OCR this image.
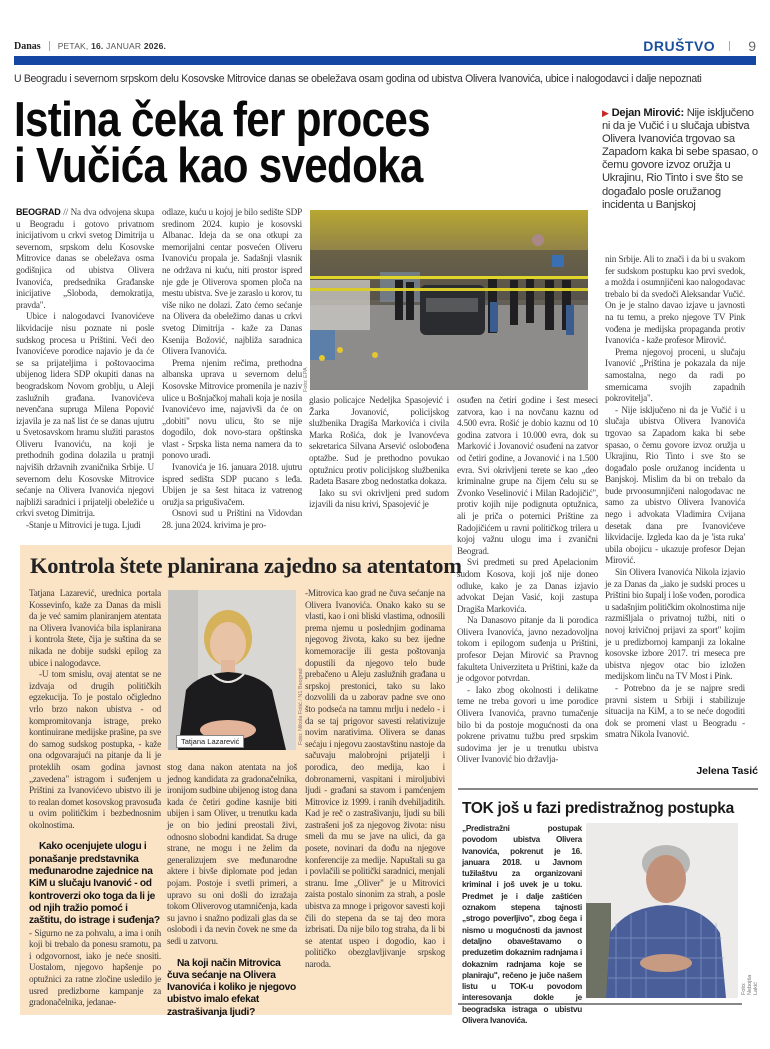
Danas PETAK, 16. JANUAR 2026.	DRUŠTVO 9
U Beogradu i severnom srpskom delu Kosovske Mitrovice danas se obeležava osam godina od ubistva Olivera Ivanovića, ubice i nalogodavci i dalje nepoznati
Istina čeka fer proces
i Vučića kao svedoka
▶ Dejan Mirović: Nije isključeno ni da je Vučić i u slučaja ubistva Olivera Ivanovića trgovao sa Zapadom kaka bi sebe spasao, o čemu govore izvoz oružja u Ukrajinu, Rio Tinto i sve što se događalo posle oružanog incidenta u Banjskoj

BEOGRAD // Na dva odvojena skupa u Beogradu i gotovo privatnom inicijativom u crkvi svetog Dimitrija u severnom, srpskom delu Kosovske Mitrovice danas se obeležava osma godišnjica od ubistva Olivera Ivanovića, predsednika Građanske inicijative „Sloboda, demokratija, pravda".

Ubice i nalogodavci Ivanovićeve likvidacije nisu poznate ni posle sudskog procesa u Prištini. Veći deo Ivanovićeve porodice najavio je da će se sa prijateljima i poštovaocima ubijenog lidera SDP okupiti danas na beogradskom Novom groblju, u Aleji zaslužnih građana. Ivanovićeva nevenčana supruga Milena Popović izjavila je za naš list će se danas ujutru u Svetosavskom hramu služiti parastos Oliveru Ivanoviću, na koji je prethodnih godina dolazila u pratnji najviših državnih zvaničnika Srbije. U severnom delu Kosovske Mitrovice sećanje na Olivera Ivanovića njegovi najbliži saradnici i prijatelji obeležiće u crkvi svetog Dimitrija.

-Stanje u Mitrovici je tuga. Ljudi

odlaze, kuću u kojoj je bilo sedište SDP sredinom 2024. kupio je kosovski Albanac. Ideja da se ona otkupi za memorijalni centar posvećen Oliveru Ivanoviću propala je. Sadašnji vlasnik ne održava ni kuću, niti prostor ispred nje gde je Oliverova spomen ploča na mestu ubistva. Sve je zaraslo u korov, tu više niko ne dolazi. Zato ćemo sećanje na Olivera da obeležimo danas u crkvi svetog Dimitrija - kaže za Danas Ksenija Božović, najbliža saradnica Olivera Ivanovića.

Prema njenim rečima, prethodna albanska uprava u severnom delu Kosovske Mitrovice promenila je naziv ulice u Bošnjačkoj mahali koja je nosila Ivanovićevo ime, najavivši da će on „dobiti" novu ulicu, što se nije dogodilo, dok novo-stara opštinska vlast - Srpska lista nema namera da to ponovo uradi.

Ivanovića je 16. januara 2018. ujutru ispred sedišta SDP pucano s leđa. Ubijen je sa šest hitaca iz vatrenog oružja sa prigušivačem.

Osnovi sud u Prištini na Vidovdan 28. juna 2024. krivima je pro-

Foto: EPA

glasio policajce Nedeljka Spasojević i Žarka Jovanović, policijskog službenika Dragiša Markovića i civila Marka Rošića, dok je Ivanovćeva sekretarica Silvana Arsević oslobođena optažbe. Sud je prethodno povukao optužnicu protiv policijskog službenika Radeta Basare zbog nedostatka dokaza.

Iako su svi okrivljeni pred sudom izjavili da nisu krivi, Spasojević je

osuđen na četiri godine i šest meseci zatvora, kao i na novčanu kaznu od 4.500 evra. Rošić je dobio kaznu od 10 godina zatvora i 10.000 evra, dok su Marković i Jovanović osuđeni na zatvor od četiri godine, a Jovanović i na 1.500 evra. Svi okrivljeni terete se kao „deo kriminalne grupe na čijem čelu su se Zvonko Veselinović i Milan Radojičić", protiv kojih nije podignuta optužnica, ali je priča o poternici Prištine za Radojičićem u ravni političkog trilera u kojoj važnu ulogu ima i zvanični Beograd.

Svi predmeti su pred Apelacionim sudom Kosova, koji još nije doneo odluke, kako je za Danas izjavio advokat Dejan Vasić, koji zastupa Dragiša Markovića.

Na Danasovo pitanje da li porodica Olivera Ivanovića, javno nezadovoljna tokom i epilogom suđenja u Prištini, profesor Dejan Mirović sa Pravnog fakulteta Univerziteta u Prištini, kaže da je odgovor potvrdan.

- Iako zbog okolnosti i delikatne teme ne treba govori u ime porodice Olivera Ivanovića, pravno tumačenje bilo bi da postoje mogućnosti da ona pokrene privatnu tužbu pred srpskim sudovima jer je u trenutku ubistva Oliver Ivanović bio državlja-

nin Srbije. Ali to znači i da bi u svakom fer sudskom postupku kao prvi svedok, a možda i osumnjičeni kao nalogodavac trebalo bi da svedoči Aleksandar Vučić. On je je stalno davao izjave u javnosti na tu temu, a preko njegove TV Pink vođena je medijska propaganda protiv Ivanovića - kaže profesor Mirović.

Prema njegovoj proceni, u slučaju Ivanović „Priština je pokazala da nije samostalna, nego da radi po smernicama svojih zapadnih pokrovitelja".

- Nije isključeno ni da je Vučić i u slučaja ubistva Olivera Ivanovića trgovao sa Zapadom kaka bi sebe spasao, o čemu govore izvoz oružja u Ukrajinu, Rio Tinto i sve što se događalo posle oružanog incidenta u Banjskoj. Mislim da bi on trebalo da bude prvoosumnjičeni nalogodavac ne samo za ubistvo Olivera Ivanovića nego i advokata Vladimira Cvijana desetak dana pre Ivanovićeve likvidacije. Izgleda kao da je 'ista ruka' ubila obojicu - ukazuje profesor Dejan Mirović.

Sin Olivera Ivanovića Nikola izjavio je za Danas da „iako je sudski proces u Prištini bio šupalj i loše vođen, porodica u sadašnjim političkim okolnostima nije razmišljala o privatnoj tužbi, niti o novoj krivičnoj prijavi za sport" kojim je u predizbornoj kampanji za lokalne kosovske izbore 2017. tri meseca pre ubistva njegov otac bio izložen medijskom linču na TV Most i Pink.

- Potrebno da je se najpre sredi pravni sistem u Srbiji i stabilizuje situacija na KiM, a to se neće dogoditi dok se promeni vlast u Beogradu - smatra Nikola Ivanović.

Jelena Tasić
Kontrola štete planirana zajedno sa atentatom

Tatjana Lazarević, urednica portala Kossevinfo, kaže za Danas da misli da je već samim planiranjem atentata na Olivera Ivanovića bila isplanirana i kontrola štete, čija je suština da se nikada ne dobije sudski epilog za ubice i nalogodavce.

-U tom smislu, ovaj atentat se ne izdvaja od drugih političkih egzekucija. To je postalo očigledno vrlo brzo nakon ubistva - od kompromitovanja istrage, preko kontinuirane medijske prašine, pa sve do samog sudskog postupka, - kaže ona odgovarajući na pitanje da li je proteklih osam godina javnost „zavedena" istragom i suđenjem u Prištini za Ivanovićevo ubistvo ili je to realan domet kosovskog pravosuđa u ovim političkim i bezbednosnim okolnostima.

Kako ocenjujete ulogu i ponašanje predstavnika međunarodne zajednice na KiM u slučaju Ivanović - od kontroverzi oko toga da li je od njih tražio pomoć i zaštitu, do istrage i suđenja?

- Sigurno ne za pohvalu, a ima i onih koji bi trebalo da ponesu sramotu, pa i odgovornost, iako je neće snositi. Uostalom, njegovo hapšenje po optužnici za ratne zločine usledilo je usred predizborne kampanje za gradonačelnika, jedanae-

Tatjana Lazarević	Foto: Nikola Fotić / N1 Beograd

stog dana nakon atentata na još jednog kandidata za gradonačelnika, ironijom sudbine ubijenog istog dana kada će četiri godine kasnije biti ubijen i sam Oliver, u trenutku kada je on bio jedini preostali živi, odnosno slobodni kandidat. Sa druge strane, ne mogu i ne želim da generalizujem sve međunarodne aktere i bivše diplomate pod jedan pojam. Postoje i svetli primeri, a upravo su oni došli do izražaja tokom Oliverovog utamničenja, kada su javno i snažno podizali glas da se oslobodi i da nevin čovek ne sme da sedi u zatvoru.

Na koji način Mitrovica čuva sećanje na Olivera Ivanovića i koliko je njegovo ubistvo imalo efekat zastrašivanja ljudi?

-Mitrovica kao grad ne čuva sećanje na Olivera Ivanovića. Onako kako su se vlasti, kao i oni bliski vlastima, odnosili prema njemu u poslednjim godinama njegovog života, kako su bez ijedne komemoracije ili gesta poštovanja dopustili da njegovo telo bude prebačeno u Aleju zaslužnih građana u srpskoj prestonici, tako su lako dozvolili da u zaborav padne sve ono što podseća na tamnu mrlju i nedelo - i da se taj prigovor savesti relativizuje novim narativima. Olivera se danas sećaju i njegovu zaostavštinu nastoje da sačuvaju malobrojni prijatelji i porodica, deo medija, kao i dobronamerni, vaspitani i miroljubivi ljudi - građani sa stavom i pamćenjem Mitrovice iz 1999. i ranih dvehiljaditih. Kad je reč o zastrašivanju, ljudi su bili zastrašeni još za njegovog života: nisu smeli da mu se jave na ulici, da ga posete, novinari da dođu na njegove konferencije za medije. Napuštali su ga i povlačili se politički saradnici, menjali stranu. Ime „Oliver" je u Mitrovici zaista postalo sinonim za strah, a posle ubistva za mnoge i prigovor savesti koji čili do stepena da se taj deo mora izbrisati. Da nije bilo tog straha, da li bi se atentat uspeo i dogodio, kao i političko obezglavljivanje srpskog naroda.

TOK još u fazi predistražnog postupka

„Predistražni postupak povodom ubistva Olivera Ivanovića, pokrenut je 16. januara 2018. u Javnom tužilaštvu za organizovani kriminal i još uvek je u toku. Predmet je i dalje zaštićen oznakom stepena tajnosti „strogo poverljivo", zbog čega i nismo u mogućnosti da javnost detaljno obaveštavamo o preduzetim dokaznim radnjama i dokaznim radnjama koje se planiraju", rečeno je juče našem listu u TOK-u povodom interesovanja dokle je beogradska istraga o ubistvu Olivera Ivanovića.

Foto: Nebojša Lakić
